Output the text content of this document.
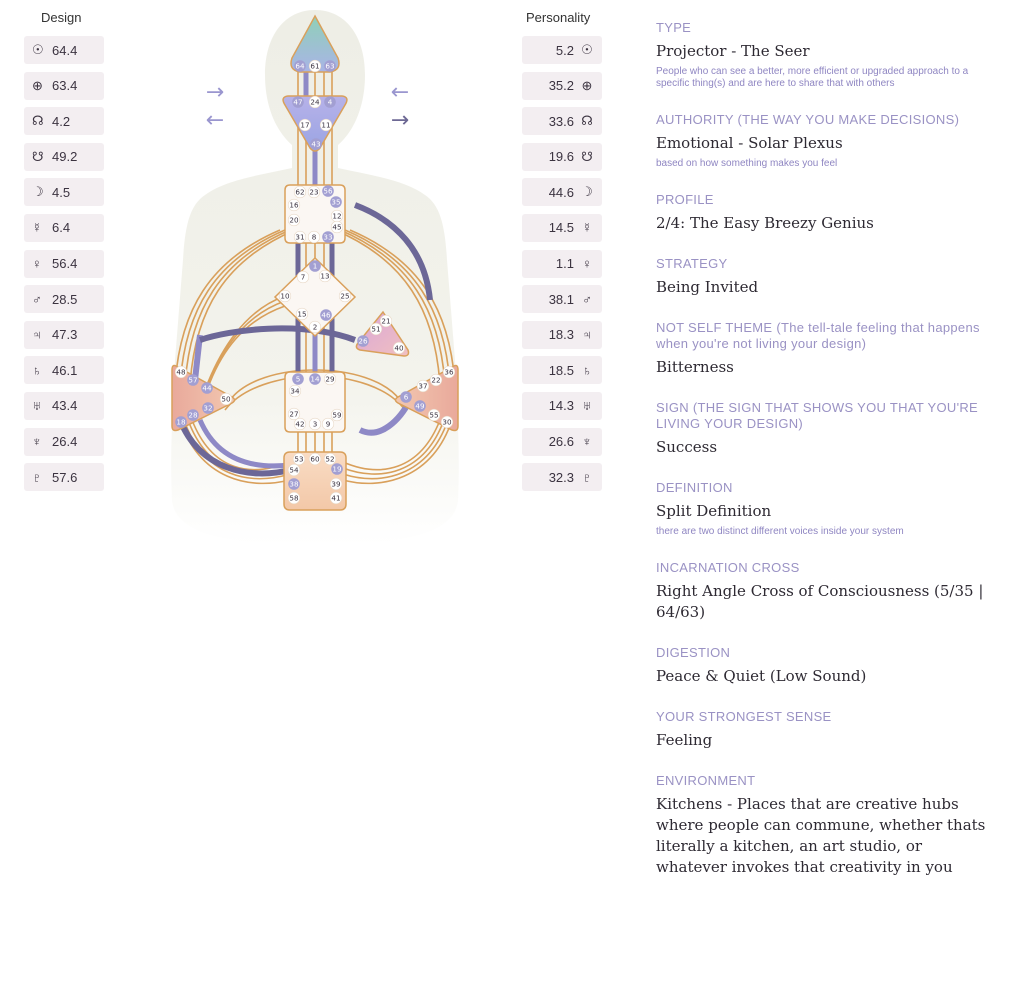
Design	Personality
☉ 64.4
⊕ 63.4
☊ 4.2
☋ 49.2
☽ 4.5
☿ 6.4
♀ 56.4
♂ 28.5
♃ 47.3
♄ 46.1
♅ 43.4
♆ 26.4
♇ 57.6
5.2 ☉
35.2 ⊕
33.6 ☊
19.6 ☋
44.6 ☽
14.5 ☿
1.1 ♀
38.1 ♂
18.3 ♃
18.5 ♄
14.3 ♅
26.6 ♆
32.3 ♇
→	←
←	→
64 61 63
47 24 4
17 11
43
62 23 56
16	35
20	12
45
31 8 33
1
7 13
10	25
15 46
2
21
51
26
40
5 14 29
34
27	59
42 3 9
48
57
44
50
32
28
18
36
22
37
6
49
55
30
53 60 52
54	19
38	39
58	41
TYPE
Projector - The Seer
People who can see a better, more efficient or upgraded approach to a specific thing(s) and are here to share that with others
AUTHORITY (THE WAY YOU MAKE DECISIONS)
Emotional - Solar Plexus
based on how something makes you feel
PROFILE
2/4: The Easy Breezy Genius
STRATEGY
Being Invited
NOT SELF THEME (The tell-tale feeling that happens when you're not living your design)
Bitterness
SIGN (THE SIGN THAT SHOWS YOU THAT YOU'RE LIVING YOUR DESIGN)
Success
DEFINITION
Split Definition
there are two distinct different voices inside your system
INCARNATION CROSS
Right Angle Cross of Consciousness (5/35 | 64/63)
DIGESTION
Peace & Quiet (Low Sound)
YOUR STRONGEST SENSE
Feeling
ENVIRONMENT
Kitchens - Places that are creative hubs where people can commune, whether thats literally a kitchen, an art studio, or whatever invokes that creativity in you
